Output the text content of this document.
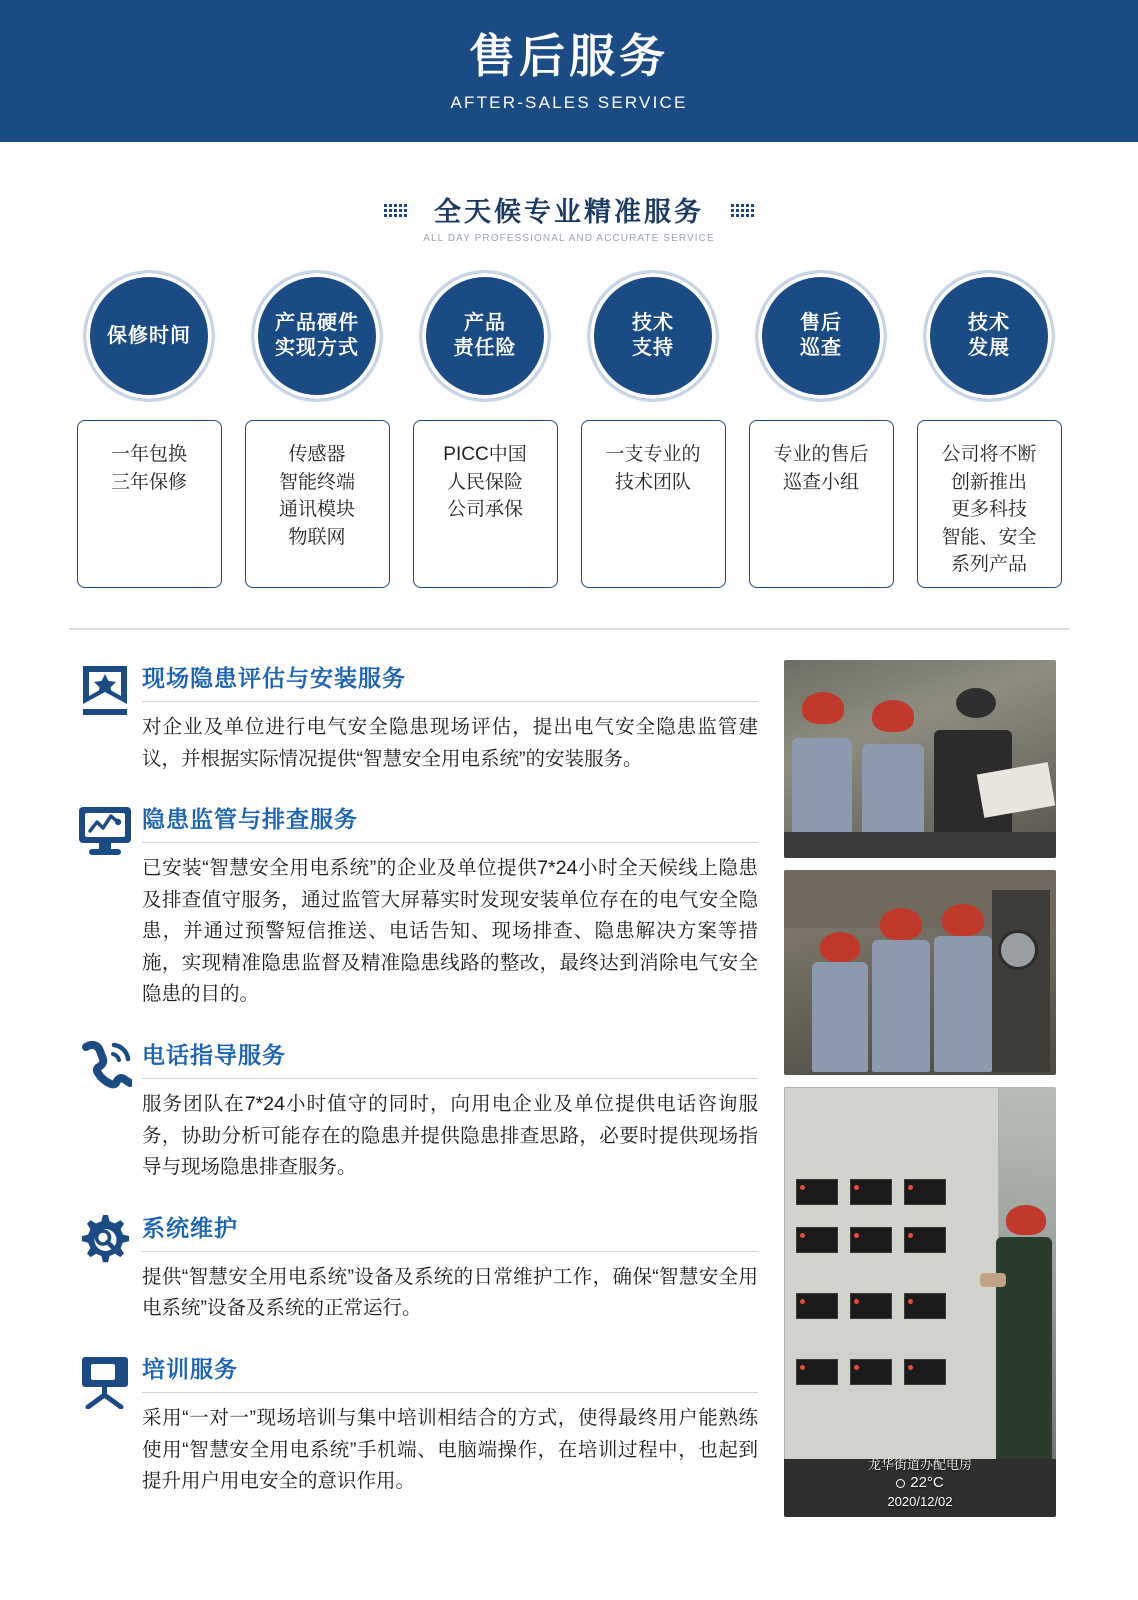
售后服务
AFTER-SALES SERVICE
全天候专业精准服务
ALL DAY PROFESSIONAL AND ACCURATE SERVICE
保修时间
产品硬件
实现方式
产品
责任险
技术
支持
售后
巡查
技术
发展
一年包换
三年保修
传感器
智能终端
通讯模块
物联网
PICC中国
人民保险
公司承保
一支专业的
技术团队
专业的售后
巡查小组
公司将不断
创新推出
更多科技
智能、安全
系列产品
现场隐患评估与安装服务
对企业及单位进行电气安全隐患现场评估，提出电气安全隐患监管建议，并根据实际情况提供“智慧安全用电系统”的安装服务。
隐患监管与排查服务
已安装“智慧安全用电系统”的企业及单位提供7*24小时全天候线上隐患及排查值守服务，通过监管大屏幕实时发现安装单位存在的电气安全隐患，并通过预警短信推送、电话告知、现场排查、隐患解决方案等措施，实现精准隐患监督及精准隐患线路的整改，最终达到消除电气安全隐患的目的。
电话指导服务
服务团队在7*24小时值守的同时，向用电企业及单位提供电话咨询服务，协助分析可能存在的隐患并提供隐患排查思路，必要时提供现场指导与现场隐患排查服务。
系统维护
提供“智慧安全用电系统”设备及系统的日常维护工作，确保“智慧安全用电系统”设备及系统的正常运行。
培训服务
采用“一对一”现场培训与集中培训相结合的方式，使得最终用户能熟练使用“智慧安全用电系统”手机端、电脑端操作，在培训过程中，也起到提升用户用电安全的意识作用。
龙华街道办配电房
22°C
2020/12/02
